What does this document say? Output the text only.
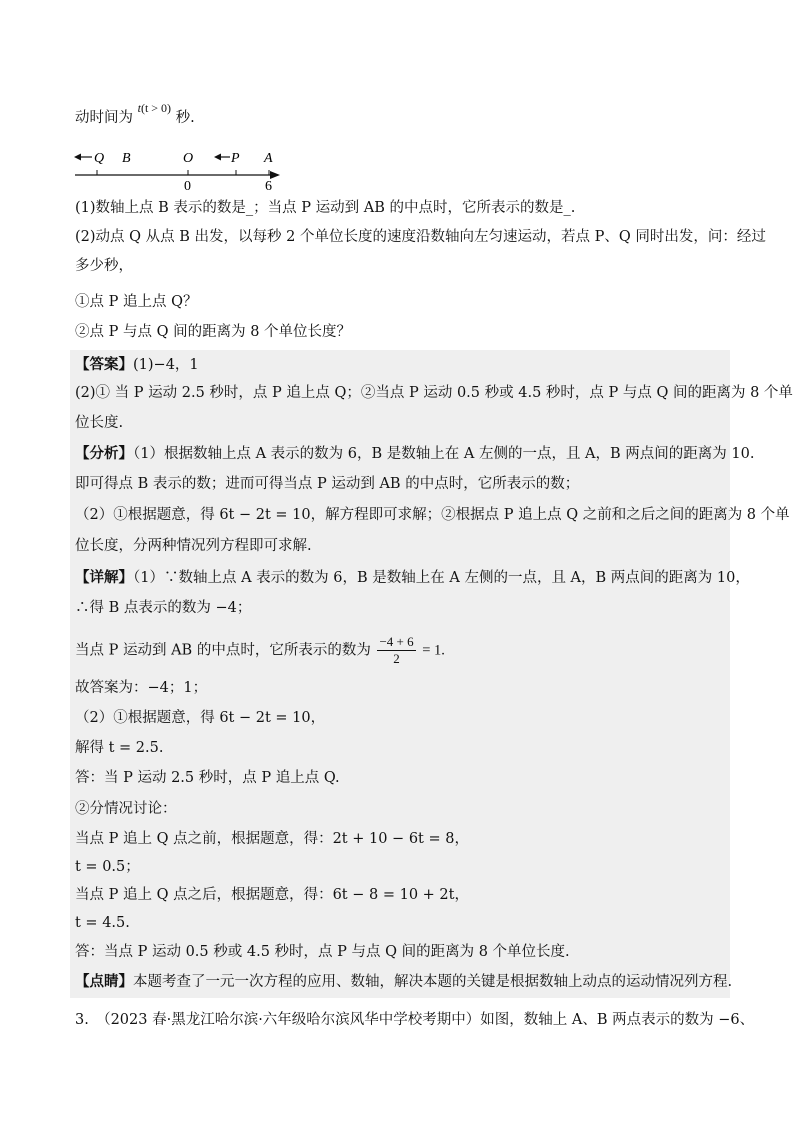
动时间为 $^{t(t > 0)}$ 秒.
Q B	O	P A
0	6
(1)数轴上点 B 表示的数是_；当点 P 运动到 AB 的中点时，它所表示的数是_.
(2)动点 Q 从点 B 出发，以每秒 2 个单位长度的速度沿数轴向左匀速运动，若点 P、Q 同时出发，问：经过
多少秒，
①点 P 追上点 Q？
②点 P 与点 Q 间的距离为 8 个单位长度？
【答案】(1)−4，1
(2)① 当 P 运动 2.5 秒时，点 P 追上点 Q；②当点 P 运动 0.5 秒或 4.5 秒时，点 P 与点 Q 间的距离为 8 个单
位长度.
【分析】（1）根据数轴上点 A 表示的数为 6，B 是数轴上在 A 左侧的一点，且 A，B 两点间的距离为 10.
即可得点 B 表示的数；进而可得当点 P 运动到 AB 的中点时，它所表示的数；
（2）①根据题意，得 6t − 2t = 10，解方程即可求解；②根据点 P 追上点 Q 之前和之后之间的距离为 8 个单
位长度，分两种情况列方程即可求解.
【详解】（1）∵数轴上点 A 表示的数为 6，B 是数轴上在 A 左侧的一点，且 A，B 两点间的距离为 10，
∴得 B 点表示的数为 −4；
当点 P 运动到 AB 的中点时，它所表示的数为 $\frac{-4 + 6}{2} = 1$.
故答案为：−4；1；
（2）①根据题意，得 6t − 2t = 10，
解得 t = 2.5.
答：当 P 运动 2.5 秒时，点 P 追上点 Q.
②分情况讨论：
当点 P 追上 Q 点之前，根据题意，得：2t + 10 − 6t = 8，
t = 0.5；
当点 P 追上 Q 点之后，根据题意，得：6t − 8 = 10 + 2t，
t = 4.5.
答：当点 P 运动 0.5 秒或 4.5 秒时，点 P 与点 Q 间的距离为 8 个单位长度.
【点睛】本题考查了一元一次方程的应用、数轴，解决本题的关键是根据数轴上动点的运动情况列方程.
3.　（2023 春·黑龙江哈尔滨·六年级哈尔滨风华中学校考期中）如图，数轴上 A、B 两点表示的数为 −6、
